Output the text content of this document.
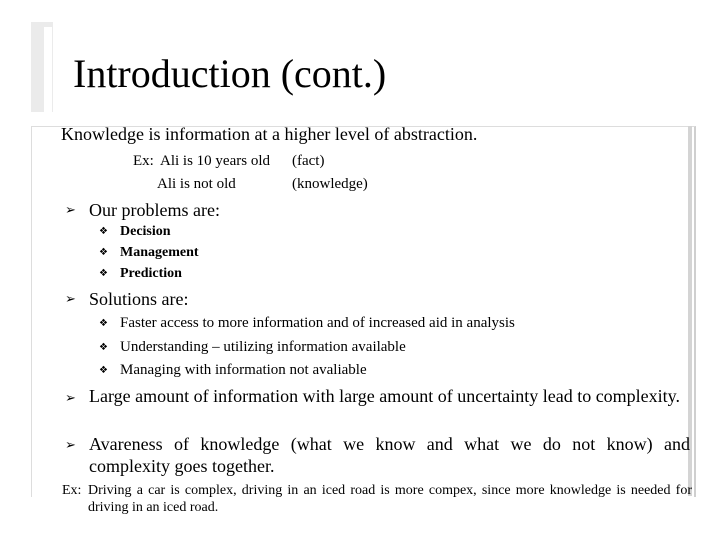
Introduction (cont.)
Knowledge is information at a higher level of abstraction.
Ex: Ali is 10 years old (fact)
Ali is not old	(knowledge)
➢ Our problems are:
❖ Decision
❖ Management
❖ Prediction
➢ Solutions are:
❖ Faster access to more information and of increased aid in analysis
❖ Understanding – utilizing information available
❖ Managing with information not avaliable
➢ Large amount of information with large amount of uncertainty lead to complexity.
➢ Avareness of knowledge (what we know and what we do not know) and complexity goes together.
Ex: Driving a car is complex, driving in an iced road is more compex, since more knowledge is needed for driving in an iced road.
